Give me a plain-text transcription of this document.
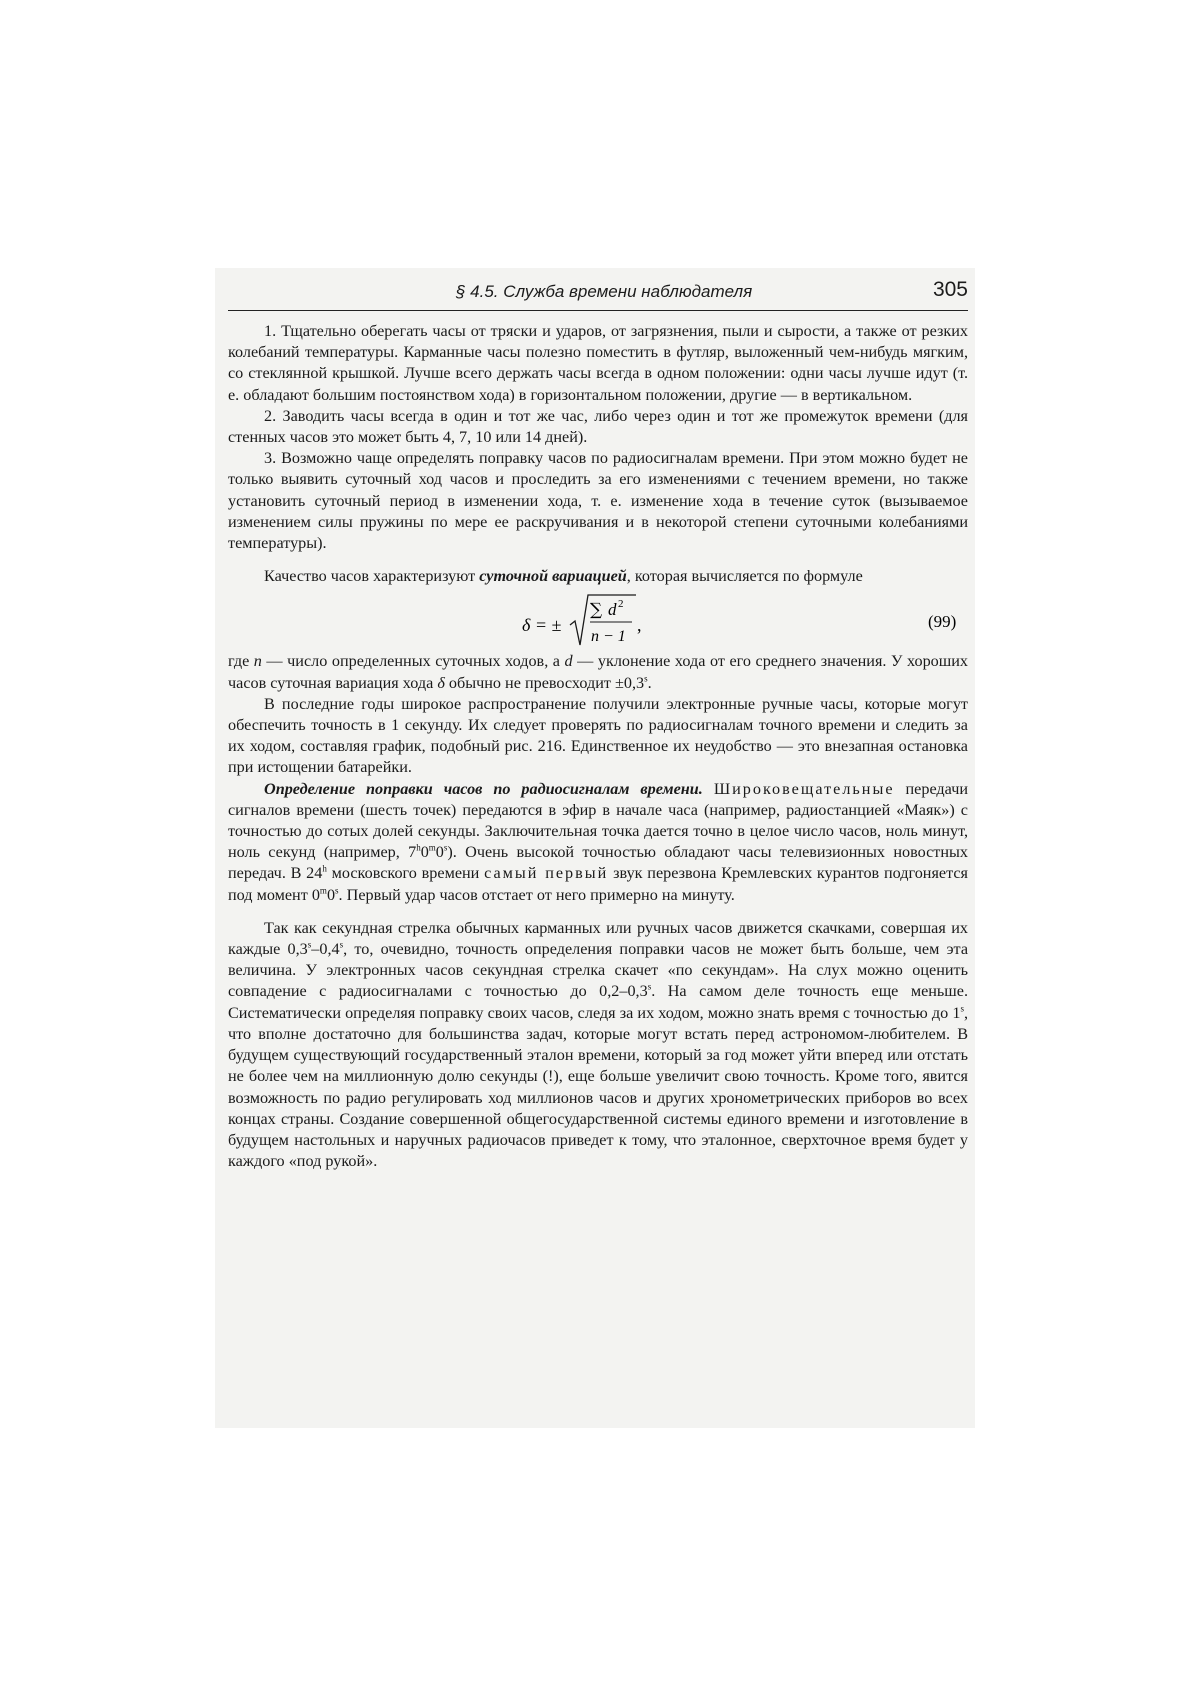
§ 4.5. Служба времени наблюдателя	305

1. Тщательно оберегать часы от тряски и ударов, от загрязнения, пыли и сырости, а также от резких колебаний температуры. Карманные часы полезно поместить в футляр, выложенный чем-нибудь мягким, со стеклянной крышкой. Лучше всего держать часы всегда в одном положении: одни часы лучше идут (т. е. обладают большим постоянством хода) в горизонтальном положении, другие — в вертикальном.

2. Заводить часы всегда в один и тот же час, либо через один и тот же промежуток времени (для стенных часов это может быть 4, 7, 10 или 14 дней).

3. Возможно чаще определять поправку часов по радиосигналам времени. При этом можно будет не только выявить суточный ход часов и проследить за его изменениями с течением времени, но также установить суточный период в изменении хода, т. е. изменение хода в течение суток (вызываемое изменением силы пружины по мере ее раскручивания и в некоторой степени суточными колебаниями температуры).

Качество часов характеризуют суточной вариацией, которая вычисляется по формуле

δ = ±
∑ d 2
n − 1
,	(99)

где n — число определенных суточных ходов, а d — уклонение хода от его среднего значения. У хороших часов суточная вариация хода δ обычно не превосходит $\pm 0,3^s$.

В последние годы широкое распространение получили электронные ручные часы, которые могут обеспечить точность в 1 секунду. Их следует проверять по радиосигналам точного времени и следить за их ходом, составляя график, подобный рис. 216. Единственное их неудобство — это внезапная остановка при истощении батарейки.

Определение поправки часов по радиосигналам времени. Широковещательные передачи сигналов времени (шесть точек) передаются в эфир в начале часа (например, радиостанцией «Маяк») с точностью до сотых долей секунды. Заключительная точка дается точно в целое число часов, ноль минут, ноль секунд (например, 7$^h$0$^m$0$^s$). Очень высокой точностью обладают часы телевизионных новостных передач. В 24$^h$ московского времени самый первый звук перезвона Кремлевских курантов подгоняется под момент 0$^m$0$^s$. Первый удар часов отстает от него примерно на минуту.

Так как секундная стрелка обычных карманных или ручных часов движется скачками, совершая их каждые 0,3$^s$–0,4$^s$, то, очевидно, точность определения поправки часов не может быть больше, чем эта величина. У электронных часов секундная стрелка скачет «по секундам». На слух можно оценить совпадение с радиосигналами с точностью до 0,2–0,3$^s$. На самом деле точность еще меньше. Систематически определяя поправку своих часов, следя за их ходом, можно знать время с точностью до 1$^s$, что вполне достаточно для большинства задач, которые могут встать перед астрономом-любителем. В будущем существующий государственный эталон времени, который за год может уйти вперед или отстать не более чем на миллионную долю секунды (!), еще больше увеличит свою точность. Кроме того, явится возможность по радио регулировать ход миллионов часов и других хронометрических приборов во всех концах страны. Создание совершенной общегосударственной системы единого времени и изготовление в будущем настольных и наручных радиочасов приведет к тому, что эталонное, сверхточное время будет у каждого «под рукой».
